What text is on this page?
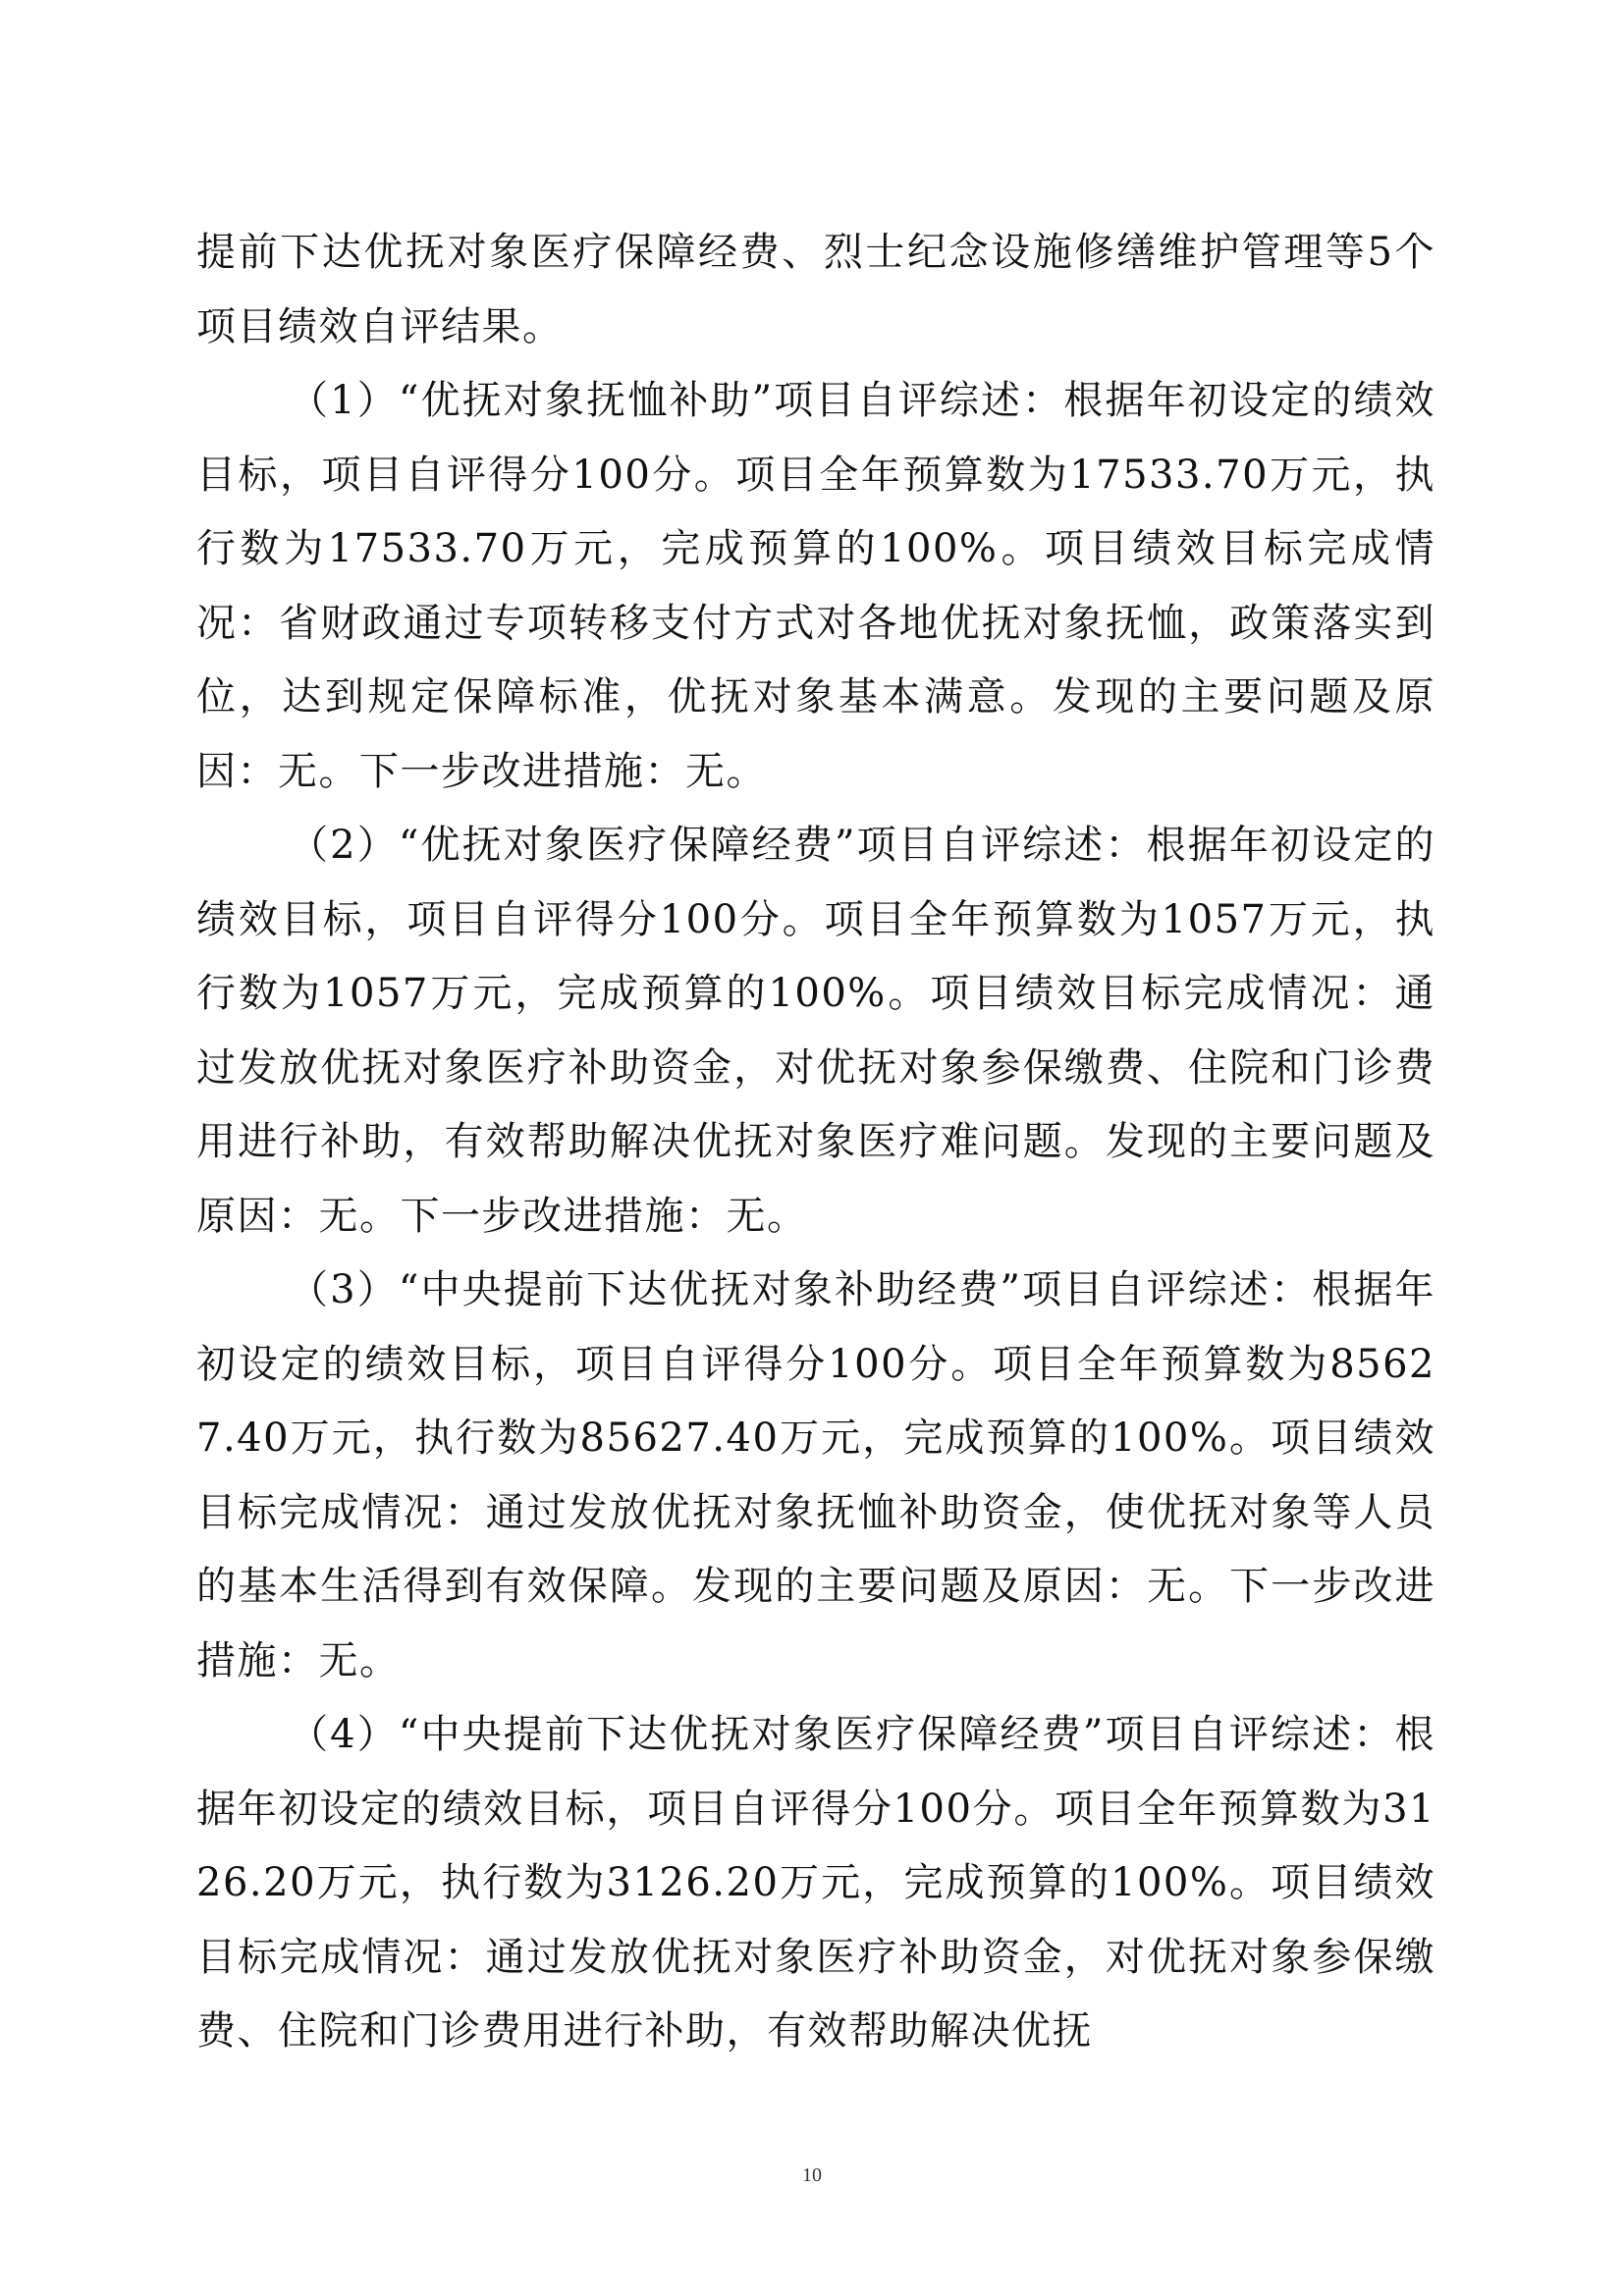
提前下达优抚对象医疗保障经费、烈士纪念设施修缮维护管理等5个项目绩效自评结果。

（1）“优抚对象抚恤补助”项目自评综述：根据年初设定的绩效目标，项目自评得分100分。项目全年预算数为17533.70万元，执行数为17533.70万元，完成预算的100%。项目绩效目标完成情况：省财政通过专项转移支付方式对各地优抚对象抚恤，政策落实到位，达到规定保障标准，优抚对象基本满意。发现的主要问题及原因：无。下一步改进措施：无。

（2）“优抚对象医疗保障经费”项目自评综述：根据年初设定的绩效目标，项目自评得分100分。项目全年预算数为1057万元，执行数为1057万元，完成预算的100%。项目绩效目标完成情况：通过发放优抚对象医疗补助资金，对优抚对象参保缴费、住院和门诊费用进行补助，有效帮助解决优抚对象医疗难问题。发现的主要问题及原因：无。下一步改进措施：无。

（3）“中央提前下达优抚对象补助经费”项目自评综述：根据年初设定的绩效目标，项目自评得分100分。项目全年预算数为85627.40万元，执行数为85627.40万元，完成预算的100%。项目绩效目标完成情况：通过发放优抚对象抚恤补助资金，使优抚对象等人员的基本生活得到有效保障。发现的主要问题及原因：无。下一步改进措施：无。

（4）“中央提前下达优抚对象医疗保障经费”项目自评综述：根据年初设定的绩效目标，项目自评得分100分。项目全年预算数为3126.20万元，执行数为3126.20万元，完成预算的100%。项目绩效目标完成情况：通过发放优抚对象医疗补助资金，对优抚对象参保缴费、住院和门诊费用进行补助，有效帮助解决优抚

10
